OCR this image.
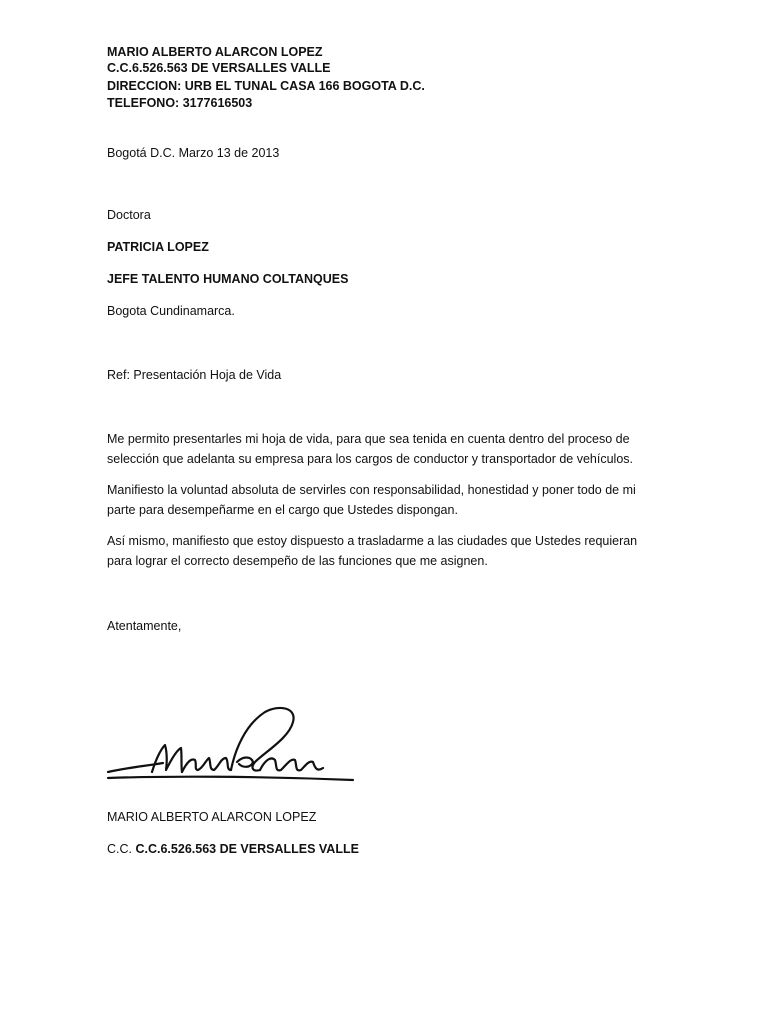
MARIO ALBERTO ALARCON LOPEZ
C.C.6.526.563 DE VERSALLES VALLE
DIRECCION: URB EL TUNAL CASA 166 BOGOTA D.C.
TELEFONO: 3177616503
Bogotá D.C. Marzo 13 de 2013
Doctora
PATRICIA LOPEZ
JEFE TALENTO HUMANO COLTANQUES
Bogota Cundinamarca.
Ref: Presentación Hoja de Vida
Me permito presentarles mi hoja de vida, para que sea tenida en cuenta dentro del proceso de
selección que adelanta su empresa para los cargos de conductor y transportador de vehículos.
Manifiesto la voluntad absoluta de servirles con responsabilidad, honestidad y poner todo de mi
parte para desempeñarme en el cargo que Ustedes dispongan.
Así mismo, manifiesto que estoy dispuesto a trasladarme a las ciudades que Ustedes requieran
para lograr el correcto desempeño de las funciones que me asignen.
Atentamente,
MARIO ALBERTO ALARCON LOPEZ
C.C. C.C.6.526.563 DE VERSALLES VALLE
